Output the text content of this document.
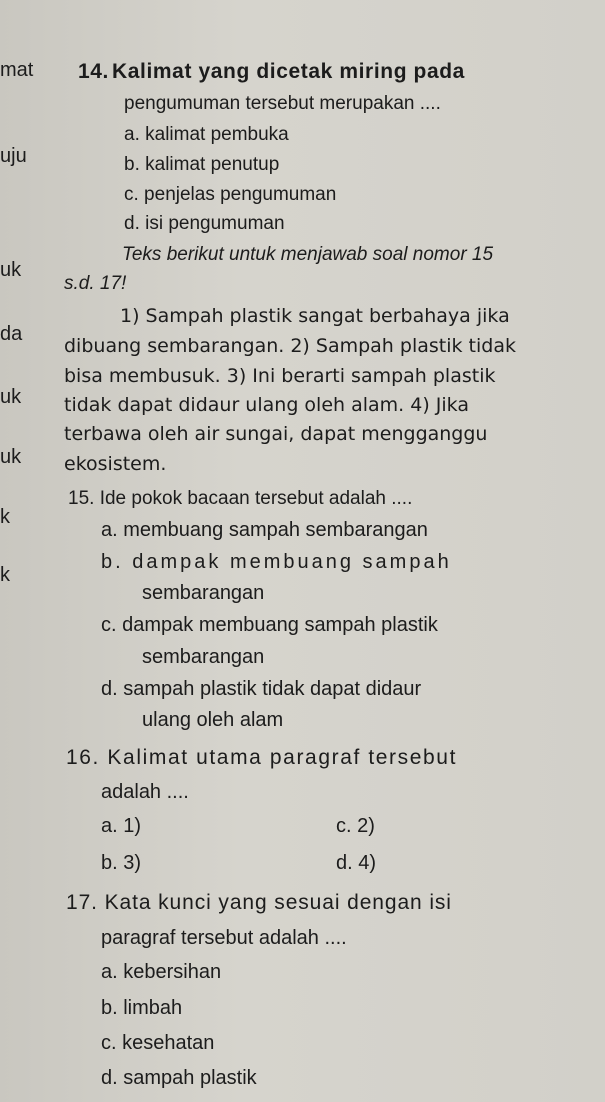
mat
uju
uk
da
uk
uk
k
k
14. Kalimat yang dicetak miring pada
pengumuman tersebut merupakan ....
a. kalimat pembuka
b. kalimat penutup
c. penjelas pengumuman
d. isi pengumuman
Teks berikut untuk menjawab soal nomor 15
s.d. 17!
1) Sampah plastik sangat berbahaya jika
dibuang sembarangan. 2) Sampah plastik tidak
bisa membusuk. 3) Ini berarti sampah plastik
tidak dapat didaur ulang oleh alam. 4) Jika
terbawa oleh air sungai, dapat mengganggu
ekosistem.
15. Ide pokok bacaan tersebut adalah ....
a. membuang sampah sembarangan
b. dampak membuang sampah
sembarangan
c. dampak membuang sampah plastik
sembarangan
d. sampah plastik tidak dapat didaur
ulang oleh alam
16. Kalimat utama paragraf tersebut
adalah ....
a. 1)	c. 2)
b. 3)	d. 4)
17. Kata kunci yang sesuai dengan isi
paragraf tersebut adalah ....
a. kebersihan
b. limbah
c. kesehatan
d. sampah plastik
